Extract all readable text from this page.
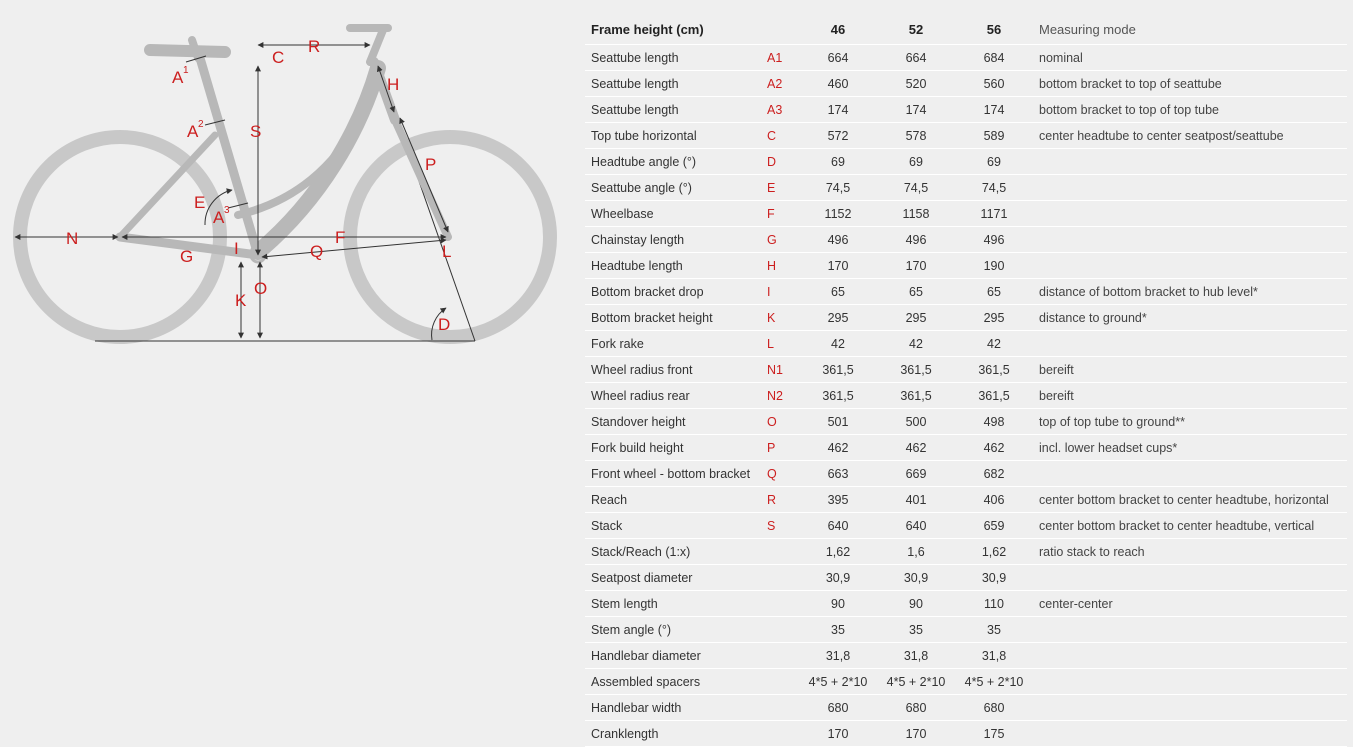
A 1
A 2
A 3
C
R
H
S
P
E
N	F
G I	Q	L
K
O
D
Frame height (cm)		46	52	56	Measuring mode
Seattube length	A1	664	664	684	nominal
Seattube length	A2	460	520	560	bottom bracket to top of seattube
Seattube length	A3	174	174	174	bottom bracket to top of top tube
Top tube horizontal	C	572	578	589	center headtube to center seatpost/seattube
Headtube angle (°)	D	69	69	69	
Seattube angle (°)	E	74,5	74,5	74,5	
Wheelbase	F	1152	1158	1171	
Chainstay length	G	496	496	496	
Headtube length	H	170	170	190	
Bottom bracket drop	I	65	65	65	distance of bottom bracket to hub level*
Bottom bracket height	K	295	295	295	distance to ground*
Fork rake	L	42	42	42	
Wheel radius front	N1	361,5	361,5	361,5	bereift
Wheel radius rear	N2	361,5	361,5	361,5	bereift
Standover height	O	501	500	498	top of top tube to ground**
Fork build height	P	462	462	462	incl. lower headset cups*
Front wheel - bottom bracket	Q	663	669	682	
Reach	R	395	401	406	center bottom bracket to center headtube, horizontal
Stack	S	640	640	659	center bottom bracket to center headtube, vertical
Stack/Reach (1:x)		1,62	1,6	1,62	ratio stack to reach
Seatpost diameter		30,9	30,9	30,9	
Stem length		90	90	110	center-center
Stem angle (°)		35	35	35	
Handlebar diameter		31,8	31,8	31,8	
Assembled spacers		4*5 + 2*10	4*5 + 2*10	4*5 + 2*10	
Handlebar width		680	680	680	
Cranklength		170	170	175	
